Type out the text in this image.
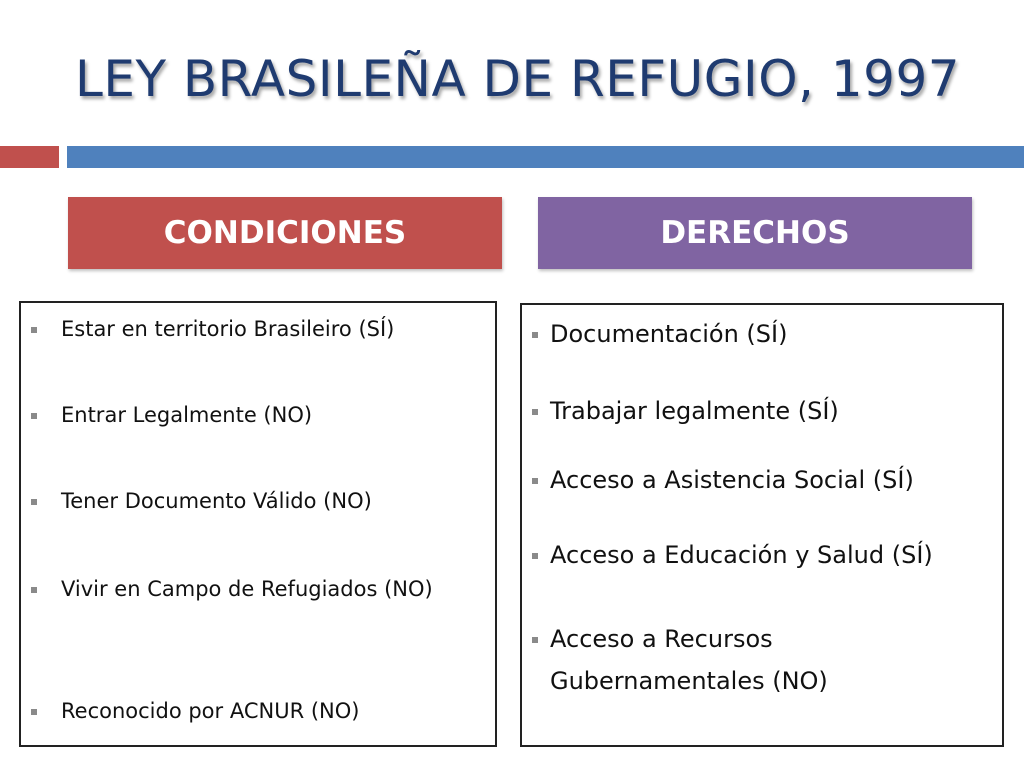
LEY BRASILEÑA DE REFUGIO, 1997
CONDICIONES	DERECHOS
Estar en territorio Brasileiro (SÍ)
Entrar Legalmente (NO)
Tener Documento Válido (NO)
Vivir en Campo de Refugiados (NO)
Reconocido por ACNUR (NO)
Documentación (SÍ)
Trabajar legalmente (SÍ)
Acceso a Asistencia Social (SÍ)
Acceso a Educación y Salud (SÍ)
Acceso a Recursos Gubernamentales (NO)
